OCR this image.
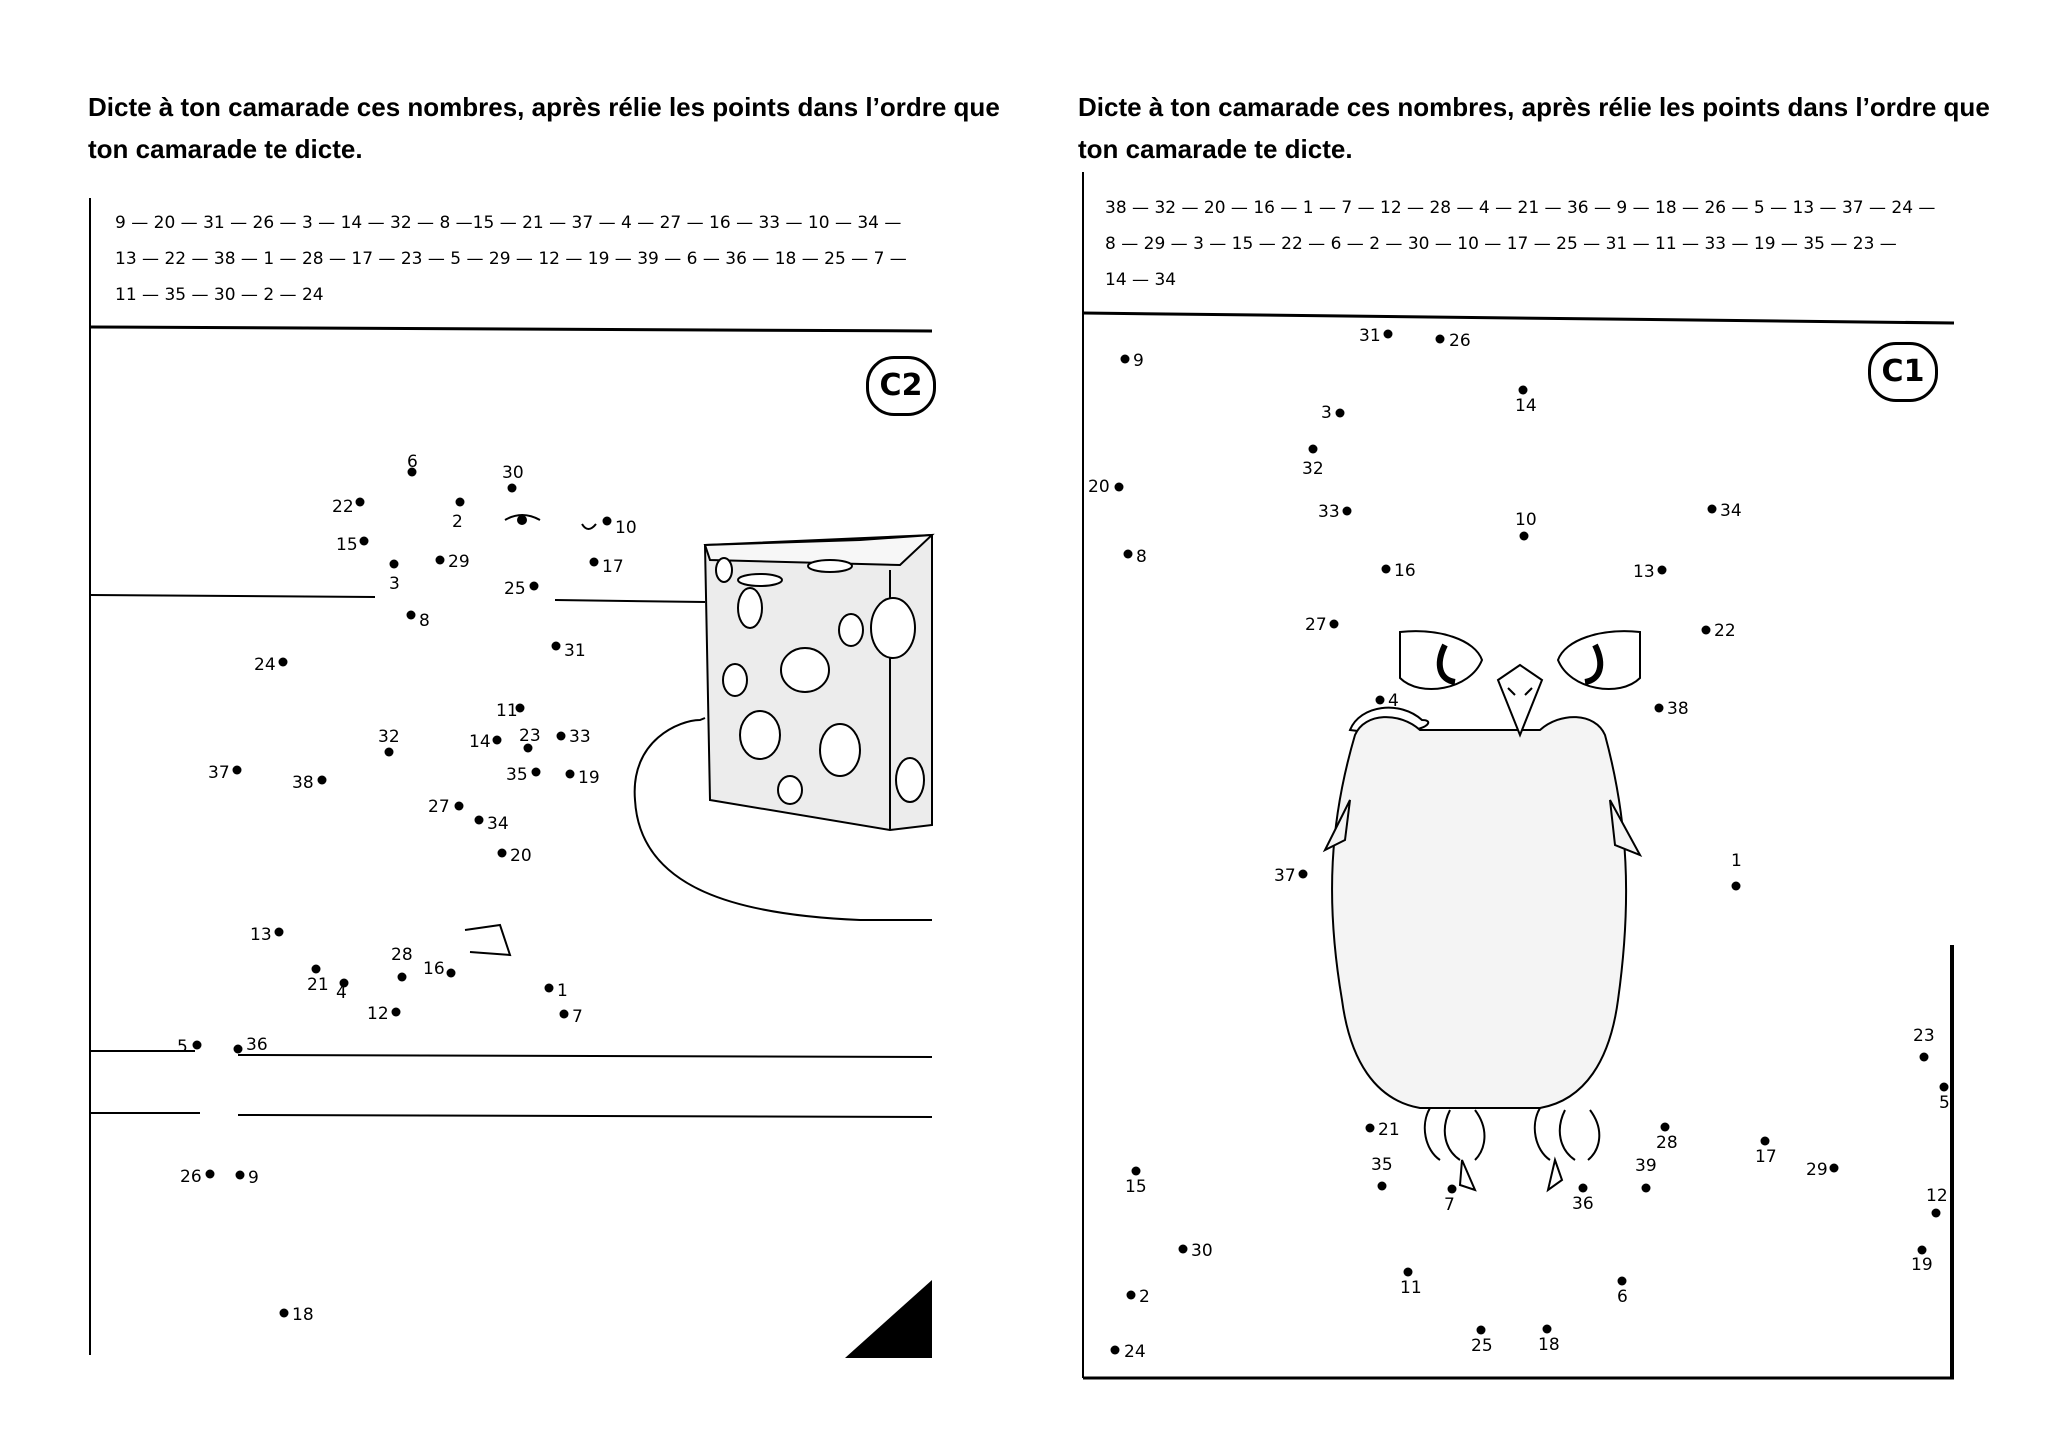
Dicte à ton camarade ces nombres, après rélie les points dans l’ordre que ton camarade te dicte.
Dicte à ton camarade ces nombres, après rélie les points dans l’ordre que ton camarade te dicte.
9 — 20 — 31 — 26 — 3 — 14 — 32 — 8 —15 — 21 — 37 — 4 — 27 — 16 — 33 — 10 — 34 —
13 — 22 — 38 — 1 — 28 — 17 — 23 — 5 — 29 — 12 — 19 — 39 — 6 — 36 — 18 — 25 — 7 —
11 — 35 — 30 — 2 — 24
38 — 32 — 20 — 16 — 1 — 7 — 12 — 28 — 4 — 21 — 36 — 9 — 18 — 26 — 5 — 13 — 37 — 24 —
8 — 29 — 3 — 15 — 22 — 6 — 2 — 30 — 10 — 17 — 25 — 31 — 11 — 33 — 19 — 35 — 23 —
14 — 34
6
30
22
2	10
15
29	17
3	25
8
31
24
11
32	14 23 33
37	38	35	19
27
34
20
13
28
16
21 4	1
12	7
5	36
26	9
18
31	26
9
14
3
32
20
33	10	34
8
16	13
27	22
4	38
37
1
23
5
21
28
17
35	39	29
15
7	36	12
30
19
11	6
2
25	18
24
C2	C1
